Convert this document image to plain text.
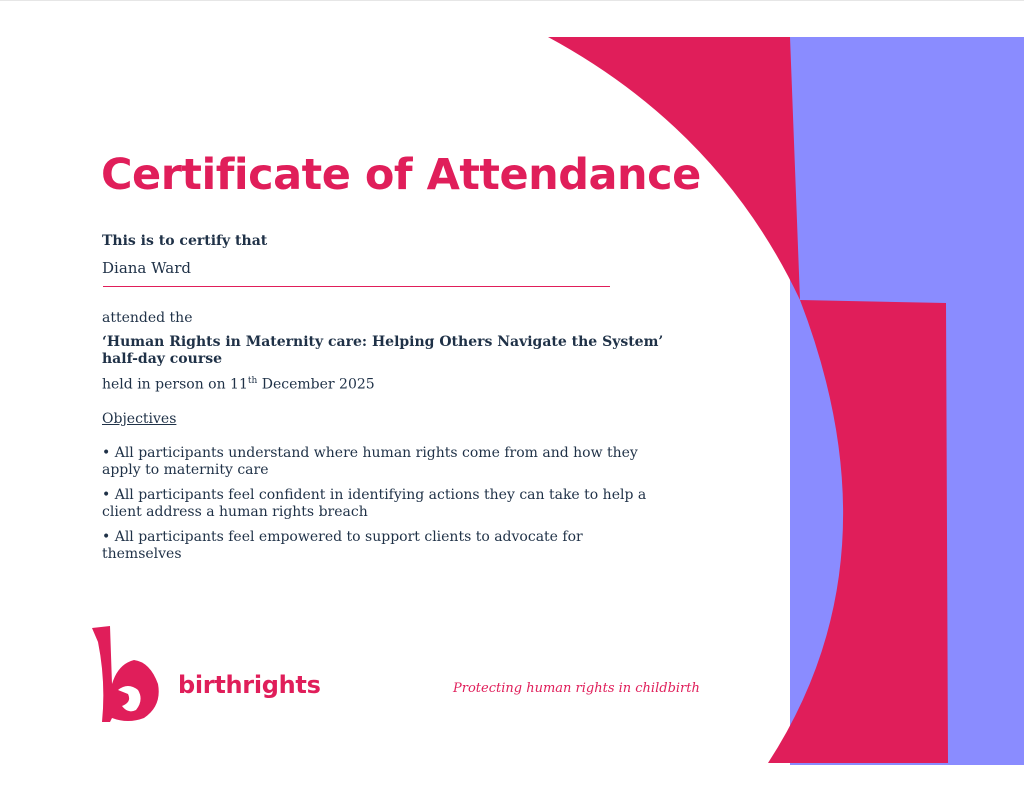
Certificate of Attendance
This is to certify that
Diana Ward
attended the
‘Human Rights in Maternity care: Helping Others Navigate the System’
half-day course
held in person on 11th December 2025
Objectives
• All participants understand where human rights come from and how they apply to maternity care
• All participants feel confident in identifying actions they can take to help a client address a human rights breach
• All participants feel empowered to support clients to advocate for themselves
birthrights	Protecting human rights in childbirth
